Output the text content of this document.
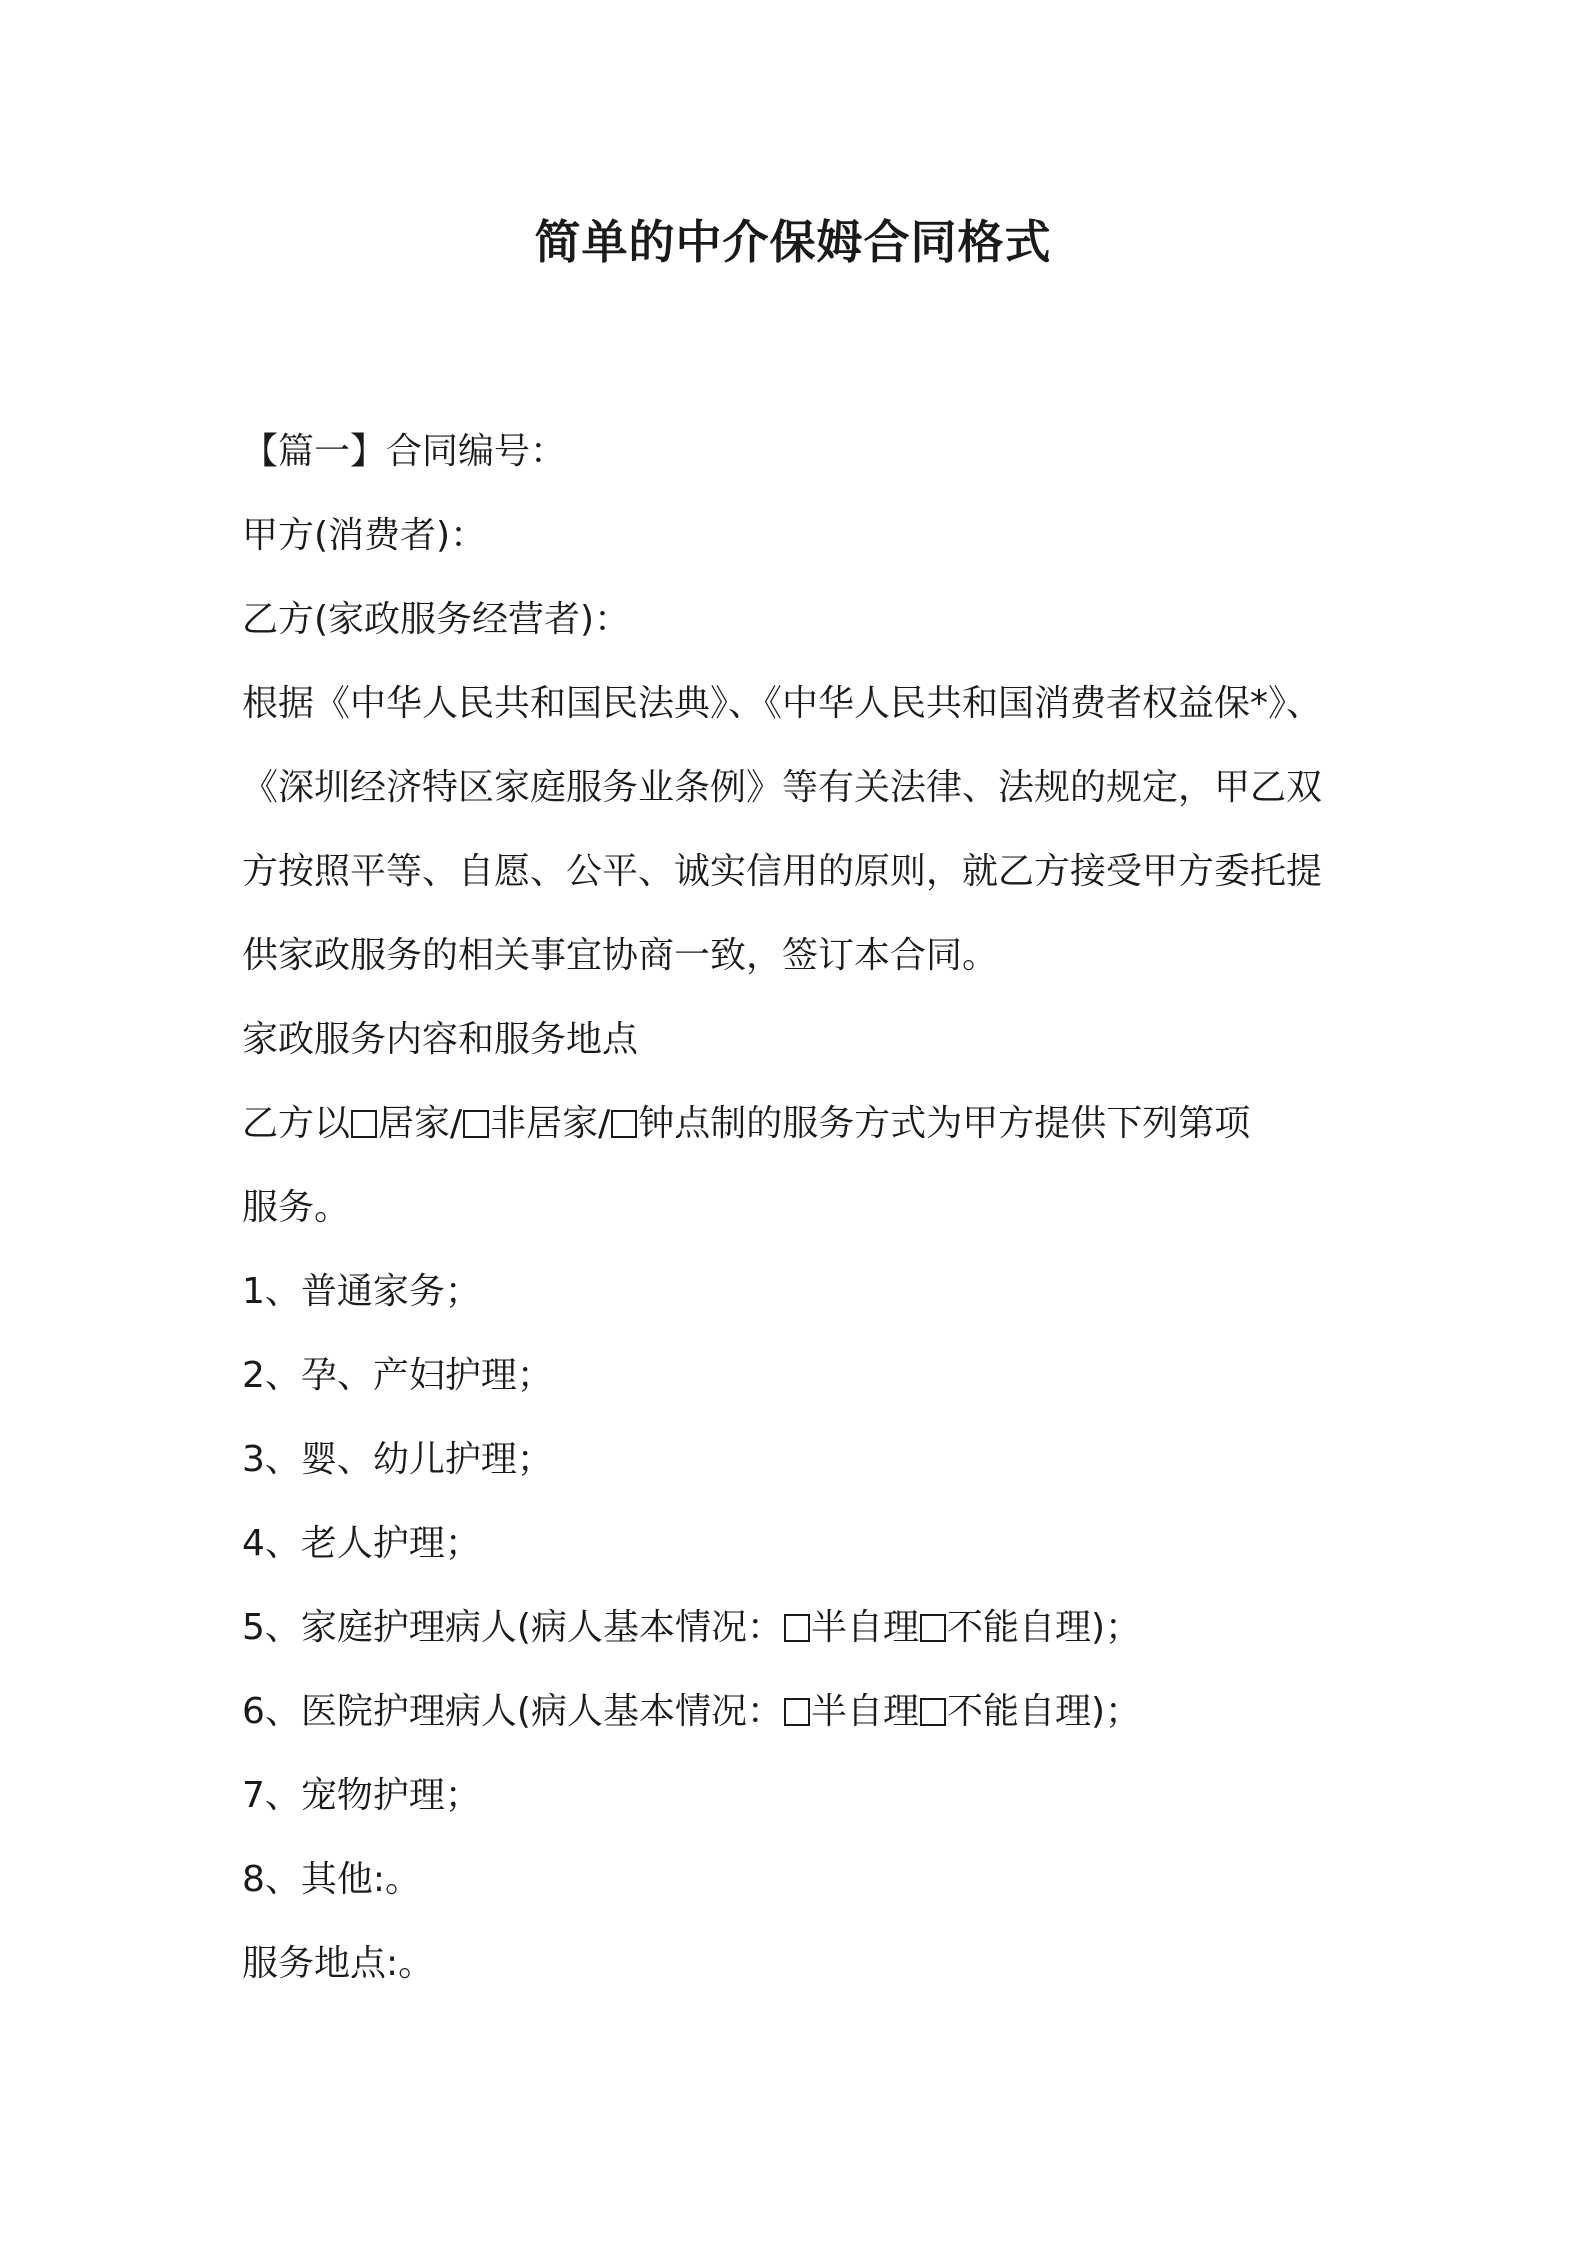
简单的中介保姆合同格式

【篇一】合同编号：

甲方(消费者)：

乙方(家政服务经营者)：

根据《中华人民共和国民法典》、《中华人民共和国消费者权益保*》、

《深圳经济特区家庭服务业条例》等有关法律、法规的规定，甲乙双

方按照平等、自愿、公平、诚实信用的原则，就乙方接受甲方委托提

供家政服务的相关事宜协商一致，签订本合同。

家政服务内容和服务地点

乙方以 居家/ 非居家/ 钟点制的服务方式为甲方提供下列第项

服务。

1、普通家务；

2、孕、产妇护理；

3、婴、幼儿护理；

4、老人护理；

5、家庭护理病人(病人基本情况： 半自理 不能自理)；

6、医院护理病人(病人基本情况： 半自理 不能自理)；

7、宠物护理；

8、其他:。

服务地点:。
